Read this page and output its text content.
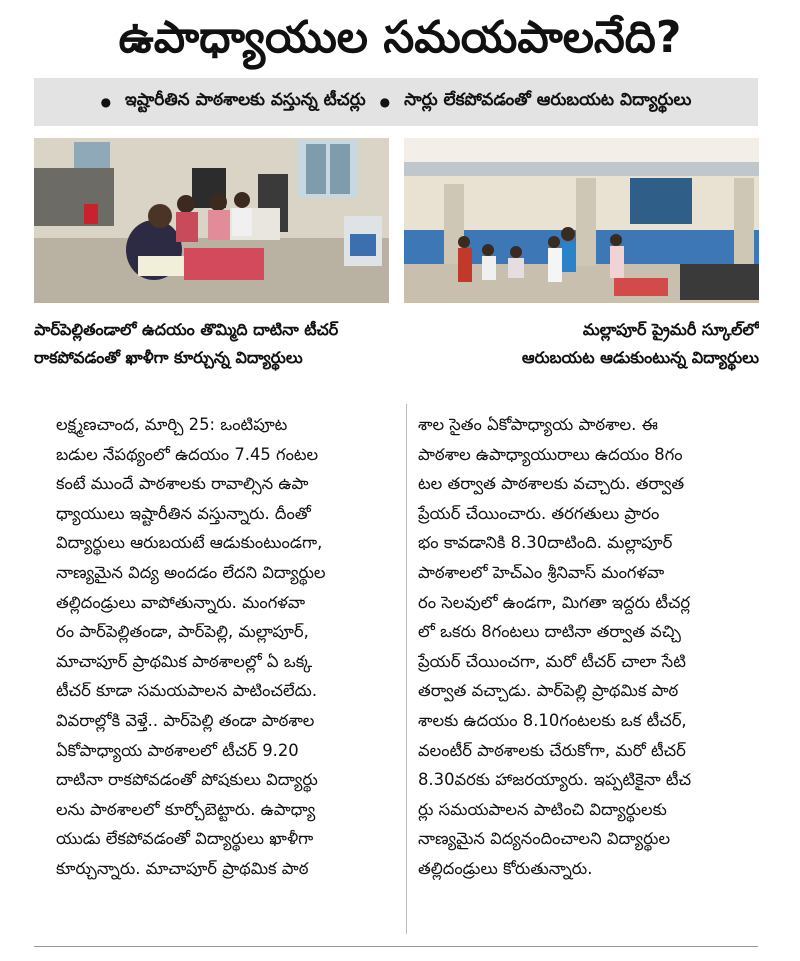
ఉపాధ్యాయుల సమయపాలనేది?
● ఇష్టారీతిన పాఠశాలకు వస్తున్న టీచర్లు ● సార్లు లేకపోవడంతో ఆరుబయట విద్యార్థులు
పార్‌పెల్లితండాలో ఉదయం తొమ్మిది దాటినా టీచర్
రాకపోవడంతో ఖాళీగా కూర్చున్న విద్యార్థులు
మల్లాపూర్ ప్రైమరీ స్కూల్‌లో
ఆరుబయట ఆడుకుంటున్న విద్యార్థులు
లక్ష్మణచాంద, మార్చి 25: ఒంటిపూట
బడుల నేపథ్యంలో ఉదయం 7.45 గంటల
కంటే ముందే పాఠశాలకు రావాల్సిన ఉపా
ధ్యాయులు ఇష్టారీతిన వస్తున్నారు. దీంతో
విద్యార్థులు ఆరుబయటే ఆడుకుంటుండగా,
నాణ్యమైన విద్య అందడం లేదని విద్యార్థుల
తల్లిదండ్రులు వాపోతున్నారు. మంగళవా
రం పార్‌పెల్లితండా, పార్‌పెల్లి, మల్లాపూర్,
మాచాపూర్ ప్రాథమిక పాఠశాలల్లో ఏ ఒక్క
టీచర్ కూడా సమయపాలన పాటించలేదు.
వివరాల్లోకి వెళ్తే.. పార్‌పెల్లి తండా పాఠశాల
ఏకోపాధ్యాయ పాఠశాలలో టీచర్ 9.20
దాటినా రాకపోవడంతో పోషకులు విద్యార్థు
లను పాఠశాలలో కూర్చోబెట్టారు. ఉపాధ్యా
యుడు లేకపోవడంతో విద్యార్థులు ఖాళీగా
కూర్చున్నారు. మాచాపూర్ ప్రాథమిక పాఠ
శాల సైతం ఏకోపాధ్యాయ పాఠశాల. ఈ
పాఠశాల ఉపాధ్యాయురాలు ఉదయం 8గం
టల తర్వాత పాఠశాలకు వచ్చారు. తర్వాత
ప్రేయర్ చేయించారు. తరగతులు ప్రారం
భం కావడానికి 8.30దాటింది. మల్లాపూర్
పాఠశాలలో హెచ్‌ఎం శ్రీనివాస్ మంగళవా
రం సెలవులో ఉండగా, మిగతా ఇద్దరు టీచర్ల
లో ఒకరు 8గంటలు దాటినా తర్వాత వచ్చి
ప్రేయర్ చేయించగా, మరో టీచర్ చాలా సేటి
తర్వాత వచ్చాడు. పార్‌పెల్లి ప్రాథమిక పాఠ
శాలకు ఉదయం 8.10గంటలకు ఒక టీచర్,
వలంటీర్ పాఠశాలకు చేరుకోగా, మరో టీచర్
8.30వరకు హాజరయ్యారు. ఇప్పటికైనా టీచ
ర్లు సమయపాలన పాటించి విద్యార్థులకు
నాణ్యమైన విద్యనందించాలని విద్యార్థుల
తల్లిదండ్రులు కోరుతున్నారు.
